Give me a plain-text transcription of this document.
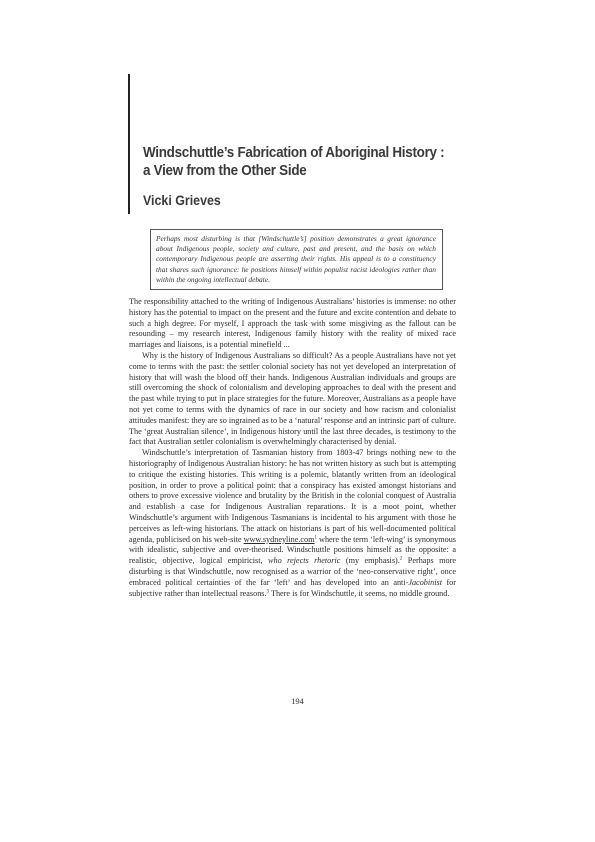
Windschuttle’s Fabrication of Aboriginal History :
a View from the Other Side
Vicki Grieves
Perhaps most disturbing is that [Windschuttle’s] position demonstrates a great ignorance about Indigenous people, society and culture, past and present, and the basis on which contemporary Indigenous people are asserting their rights. His appeal is to a constituency that shares such ignorance: he positions himself within populist racist ideologies rather than within the ongoing intellectual debate.

The responsibility attached to the writing of Indigenous Australians’ histories is immense: no other history has the potential to impact on the present and the future and excite contention and debate to such a high degree. For myself, I approach the task with some misgiving as the fallout can be resounding – my research interest, Indigenous family history with the reality of mixed race marriages and liaisons, is a potential minefield ...

Why is the history of Indigenous Australians so difficult? As a people Australians have not yet come to terms with the past: the settler colonial society has not yet developed an interpretation of history that will wash the blood off their hands. Indigenous Australian individuals and groups are still overcoming the shock of colonialism and developing approaches to deal with the present and the past while trying to put in place strategies for the future. Moreover, Australians as a people have not yet come to terms with the dynamics of race in our society and how racism and colonialist attitudes manifest: they are so ingrained as to be a ‘natural’ response and an intrinsic part of culture. The ‘great Australian silence’, in Indigenous history until the last three decades, is testimony to the fact that Australian settler colonialism is overwhelmingly characterised by denial.

Windschuttle’s interpretation of Tasmanian history from 1803-47 brings nothing new to the historiography of Indigenous Australian history: he has not written history as such but is attempting to critique the existing histories. This writing is a polemic, blatantly written from an ideological position, in order to prove a political point: that a conspiracy has existed amongst historians and others to prove excessive violence and brutality by the British in the colonial conquest of Australia and establish a case for Indigenous Australian reparations. It is a moot point, whether Windschuttle’s argument with Indigenous Tasmanians is incidental to his argument with those he perceives as left-wing historians. The attack on historians is part of his well-documented political agenda, publicised on his web-site www.sydneyline.com$^1$ where the term ‘left-wing’ is synonymous with idealistic, subjective and over-theorised. Windschuttle positions himself as the opposite: a realistic, objective, logical empiricist, who rejects rhetoric (my emphasis).$^2$ Perhaps more disturbing is that Windschuttle, now recognised as a warrior of the ‘neo-conservative right’, once embraced political certainties of the far ‘left’ and has developed into an anti-Jacobinist for subjective rather than intellectual reasons.$^3$ There is for Windschuttle, it seems, no middle ground.

194
